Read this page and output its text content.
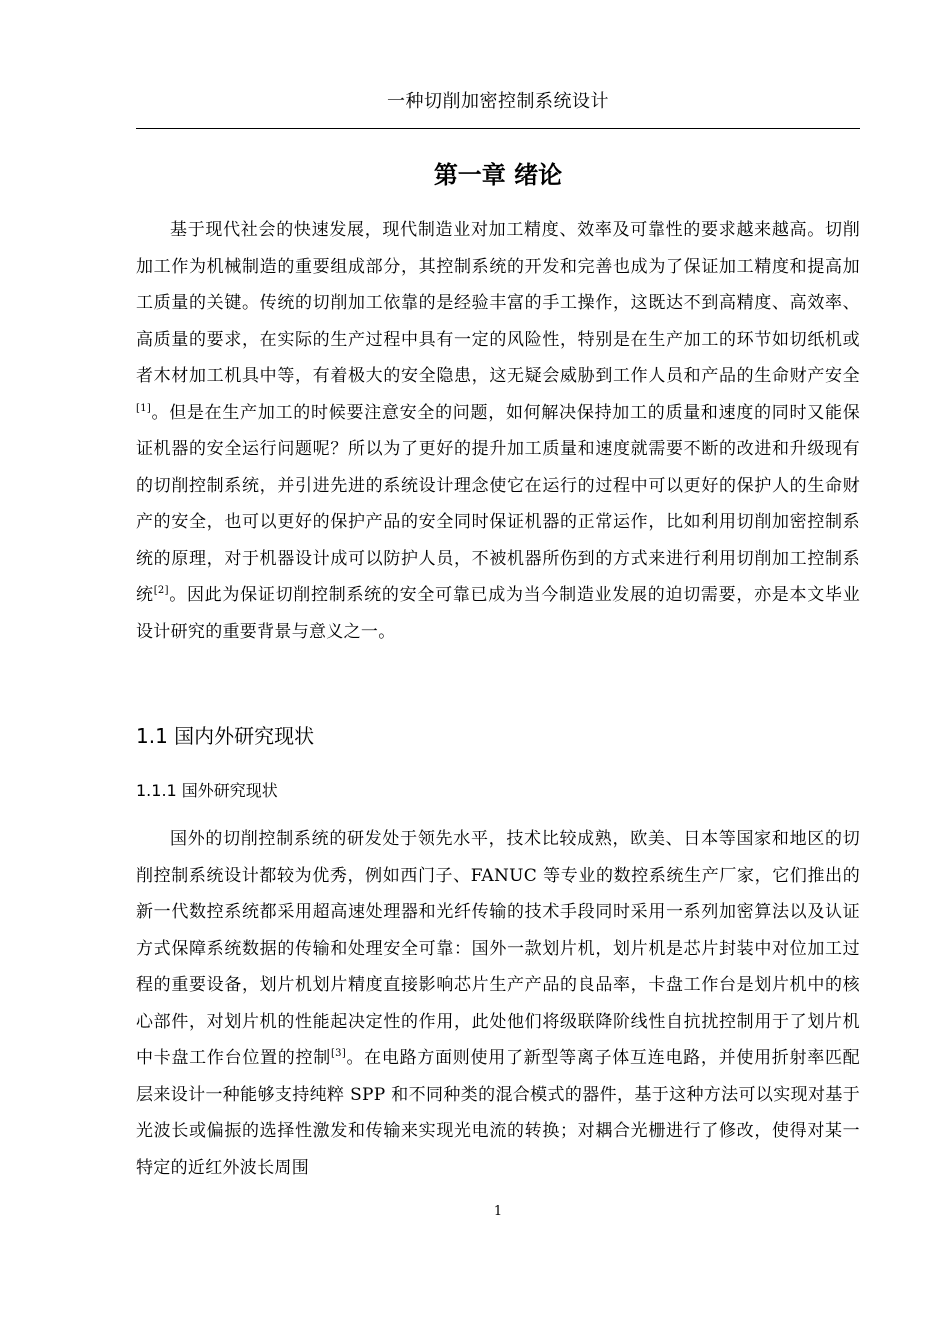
一种切削加密控制系统设计
第一章 绪论

基于现代社会的快速发展，现代制造业对加工精度、效率及可靠性的要求越来越高。切削加工作为机械制造的重要组成部分，其控制系统的开发和完善也成为了保证加工精度和提高加工质量的关键。传统的切削加工依靠的是经验丰富的手工操作，这既达不到高精度、高效率、高质量的要求，在实际的生产过程中具有一定的风险性，特别是在生产加工的环节如切纸机或者木材加工机具中等，有着极大的安全隐患，这无疑会威胁到工作人员和产品的生命财产安全[1]。但是在生产加工的时候要注意安全的问题，如何解决保持加工的质量和速度的同时又能保证机器的安全运行问题呢？所以为了更好的提升加工质量和速度就需要不断的改进和升级现有的切削控制系统，并引进先进的系统设计理念使它在运行的过程中可以更好的保护人的生命财产的安全，也可以更好的保护产品的安全同时保证机器的正常运作，比如利用切削加密控制系统的原理，对于机器设计成可以防护人员，不被机器所伤到的方式来进行利用切削加工控制系统[2]。因此为保证切削控制系统的安全可靠已成为当今制造业发展的迫切需要，亦是本文毕业设计研究的重要背景与意义之一。

1.1 国内外研究现状
1.1.1 国外研究现状

国外的切削控制系统的研发处于领先水平，技术比较成熟，欧美、日本等国家和地区的切削控制系统设计都较为优秀，例如西门子、FANUC 等专业的数控系统生产厂家，它们推出的新一代数控系统都采用超高速处理器和光纤传输的技术手段同时采用一系列加密算法以及认证方式保障系统数据的传输和处理安全可靠：国外一款划片机，划片机是芯片封装中对位加工过程的重要设备，划片机划片精度直接影响芯片生产产品的良品率，卡盘工作台是划片机中的核心部件，对划片机的性能起决定性的作用，此处他们将级联降阶线性自抗扰控制用于了划片机中卡盘工作台位置的控制[3]。在电路方面则使用了新型等离子体互连电路，并使用折射率匹配层来设计一种能够支持纯粹 SPP 和不同种类的混合模式的器件，基于这种方法可以实现对基于光波长或偏振的选择性激发和传输来实现光电流的转换；对耦合光栅进行了修改，使得对某一特定的近红外波长周围

1
